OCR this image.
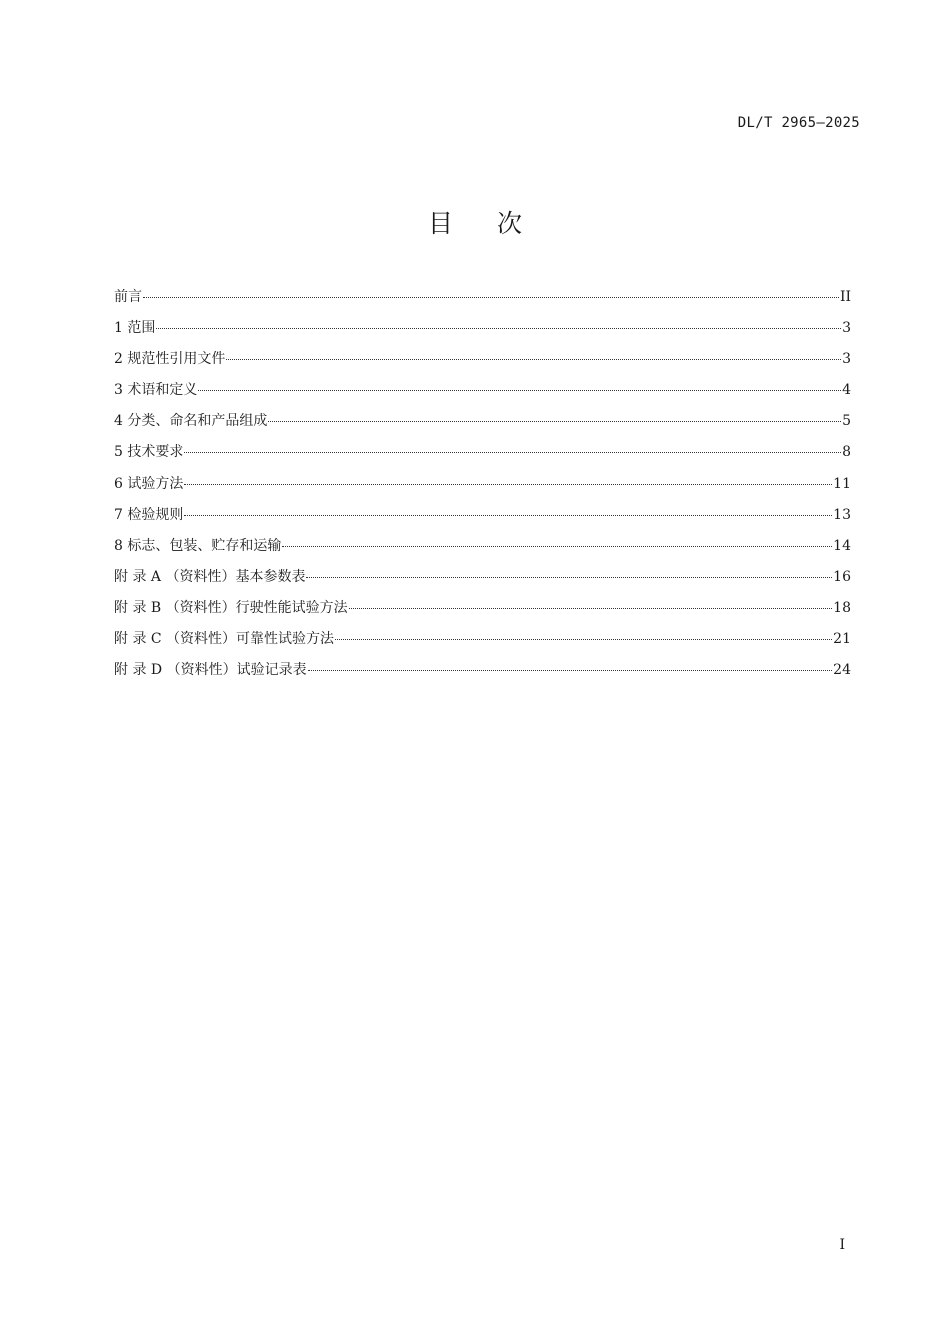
DL/T 2965—2025
目次
前言	II
1 范围	3
2 规范性引用文件	3
3 术语和定义	4
4 分类、命名和产品组成	5
5 技术要求	8
6 试验方法	11
7 检验规则	13
8 标志、包装、贮存和运输	14
附 录 A （资料性）基本参数表	16
附 录 B （资料性）行驶性能试验方法	18
附 录 C （资料性）可靠性试验方法	21
附 录 D （资料性）试验记录表	24
I
